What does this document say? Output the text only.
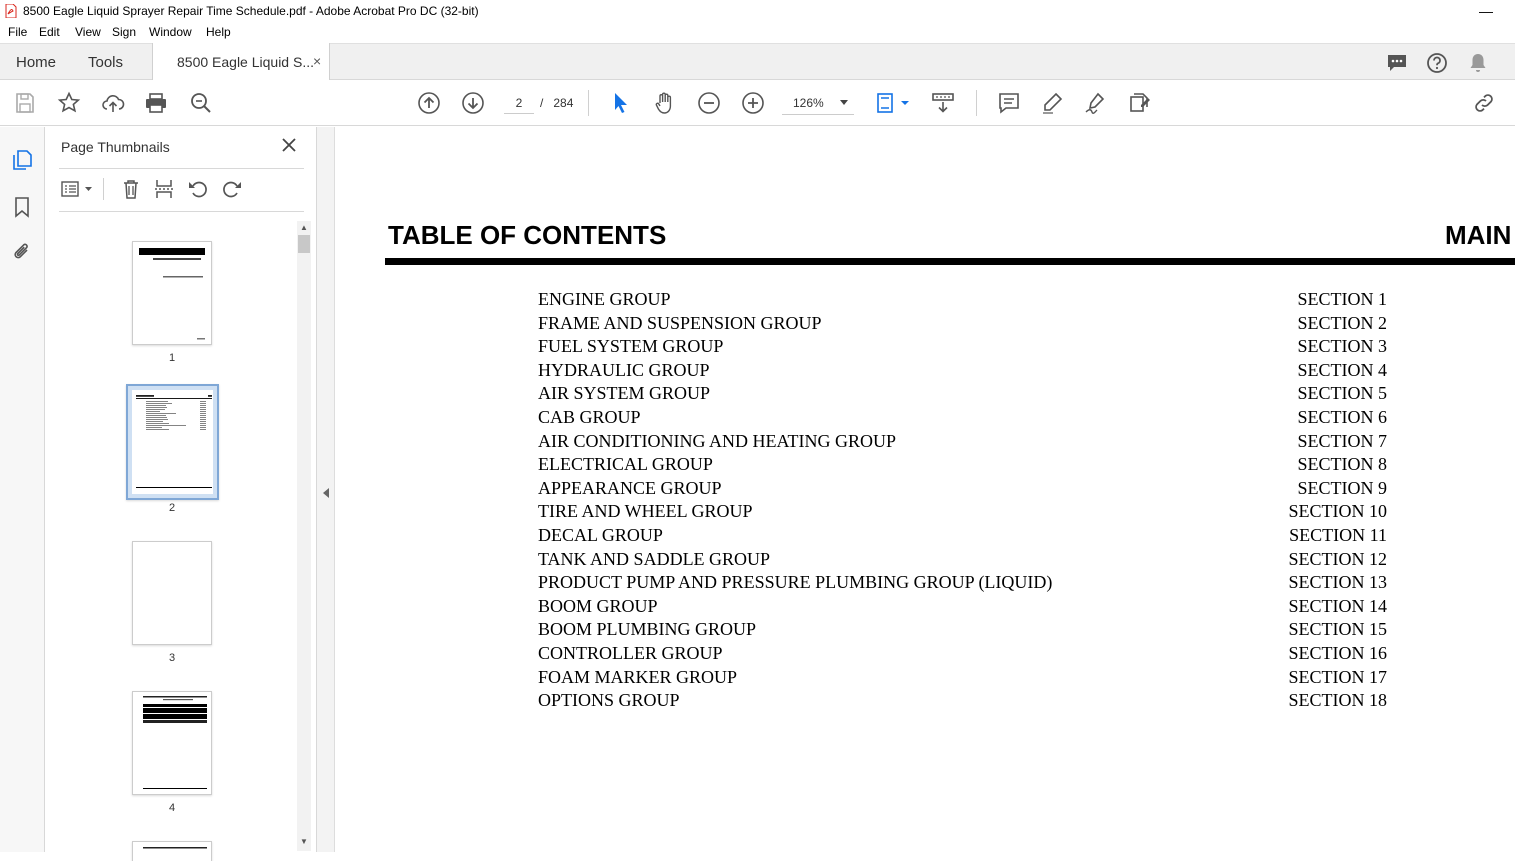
8500 Eagle Liquid Sprayer Repair Time Schedule.pdf - Adobe Acrobat Pro DC (32-bit)	—
File Edit View Sign Window Help
Home Tools	8500 Eagle Liquid S... ×
2
/ 284	126%
Page Thumbnails
1
2
3
4
▲
▼
TABLE OF CONTENTS	MAIN
ENGINE GROUP	SECTION 1
FRAME AND SUSPENSION GROUP	SECTION 2
FUEL SYSTEM GROUP	SECTION 3
HYDRAULIC GROUP	SECTION 4
AIR SYSTEM GROUP	SECTION 5
CAB GROUP	SECTION 6
AIR CONDITIONING AND HEATING GROUP	SECTION 7
ELECTRICAL GROUP	SECTION 8
APPEARANCE GROUP	SECTION 9
TIRE AND WHEEL GROUP	SECTION 10
DECAL GROUP	SECTION 11
TANK AND SADDLE GROUP	SECTION 12
PRODUCT PUMP AND PRESSURE PLUMBING GROUP (LIQUID)	SECTION 13
BOOM GROUP	SECTION 14
BOOM PLUMBING GROUP	SECTION 15
CONTROLLER GROUP	SECTION 16
FOAM MARKER GROUP	SECTION 17
OPTIONS GROUP	SECTION 18
